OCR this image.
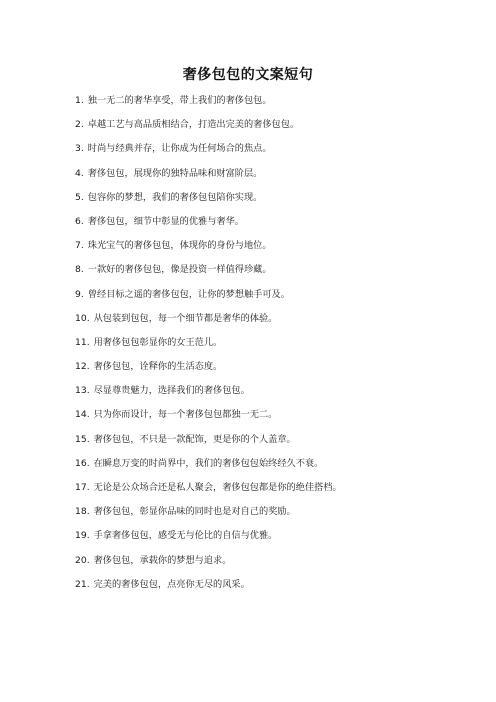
奢侈包包的文案短句
1. 独一无二的奢华享受，带上我们的奢侈包包。
2. 卓越工艺与高品质相结合，打造出完美的奢侈包包。
3. 时尚与经典并存，让你成为任何场合的焦点。
4. 奢侈包包，展现你的独特品味和财富阶层。
5. 包容你的梦想，我们的奢侈包包陪你实现。
6. 奢侈包包，细节中彰显的优雅与奢华。
7. 珠光宝气的奢侈包包，体现你的身份与地位。
8. 一款好的奢侈包包，像是投资一样值得珍藏。
9. 曾经目标之遥的奢侈包包，让你的梦想触手可及。
10. 从包装到包包，每一个细节都是奢华的体验。
11. 用奢侈包包彰显你的女王范儿。
12. 奢侈包包，诠释你的生活态度。
13. 尽显尊贵魅力，选择我们的奢侈包包。
14. 只为你而设计，每一个奢侈包包都独一无二。
15. 奢侈包包，不只是一款配饰，更是你的个人盖章。
16. 在瞬息万变的时尚界中，我们的奢侈包包始终经久不衰。
17. 无论是公众场合还是私人聚会，奢侈包包都是你的绝佳搭档。
18. 奢侈包包，彰显你品味的同时也是对自己的奖励。
19. 手拿奢侈包包，感受无与伦比的自信与优雅。
20. 奢侈包包，承载你的梦想与追求。
21. 完美的奢侈包包，点亮你无尽的风采。
